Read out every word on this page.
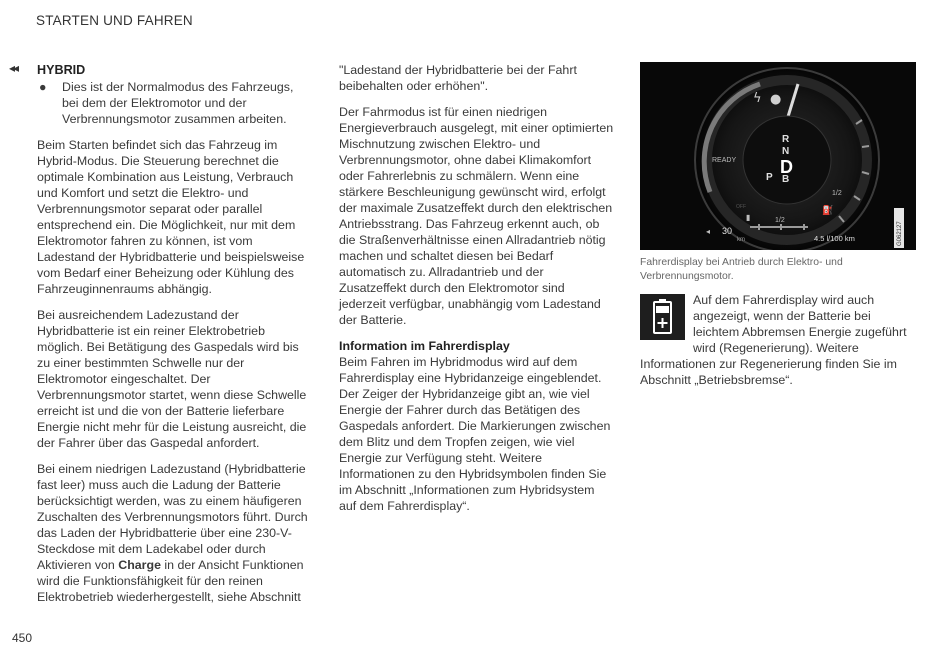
STARTEN UND FAHREN
◂◂ HYBRID
●	Dies ist der Normalmodus des Fahrzeugs, bei dem der Elektromotor und der Verbrennungsmotor zusammen arbeiten.

Beim Starten befindet sich das Fahrzeug im Hybrid-Modus. Die Steuerung berechnet die optimale Kombination aus Leistung, Verbrauch und Komfort und setzt die Elektro- und Verbrennungsmotor separat oder parallel entsprechend ein. Die Möglichkeit, nur mit dem Elektromotor fahren zu können, ist vom Ladestand der Hybridbatterie und beispielsweise vom Bedarf einer Beheizung oder Kühlung des Fahrzeuginnenraums abhängig.

Bei ausreichendem Ladezustand der Hybridbatterie ist ein reiner Elektrobetrieb möglich. Bei Betätigung des Gaspedals wird bis zu einer bestimmten Schwelle nur der Elektromotor eingeschaltet. Der Verbrennungsmotor startet, wenn diese Schwelle erreicht ist und die von der Batterie lieferbare Energie nicht mehr für die Leistung ausreicht, die der Fahrer über das Gaspedal anfordert.

Bei einem niedrigen Ladezustand (Hybridbatterie fast leer) muss auch die Ladung der Batterie berücksichtigt werden, was zu einem häufigeren Zuschalten des Verbrennungsmotors führt. Durch das Laden der Hybridbatterie über eine 230-V-Steckdose mit dem Ladekabel oder durch Aktivieren von Charge in der Ansicht Funktionen wird die Funktionsfähigkeit für den reinen Elektrobetrieb wiederhergestellt, siehe Abschnitt

"Ladestand der Hybridbatterie bei der Fahrt beibehalten oder erhöhen".

Der Fahrmodus ist für einen niedrigen Energieverbrauch ausgelegt, mit einer optimierten Mischnutzung zwischen Elektro- und Verbrennungsmotor, ohne dabei Klimakomfort oder Fahrerlebnis zu schmälern. Wenn eine stärkere Beschleunigung gewünscht wird, erfolgt der maximale Zusatzeffekt durch den elektrischen Antriebsstrang. Das Fahrzeug erkennt auch, ob die Straßenverhältnisse einen Allradantrieb nötig machen und schaltet diesen bei Bedarf automatisch zu. Allradantrieb und der Zusatzeffekt durch den Elektromotor sind jederzeit verfügbar, unabhängig vom Ladestand der Batterie.

Information im Fahrerdisplay

Beim Fahren im Hybridmodus wird auf dem Fahrerdisplay eine Hybridanzeige eingeblendet. Der Zeiger der Hybridanzeige gibt an, wie viel Energie der Fahrer durch das Betätigen des Gaspedals anfordert. Die Markierungen zwischen dem Blitz und dem Tropfen zeigen, wie viel Energie zur Verfügung steht. Weitere Informationen zu den Hybridsymbolen finden Sie im Abschnitt „Informationen zum Hybridsystem auf dem Fahrerdisplay“.

ϟ ●
READY
R
N
D
P B
1/2
⛽
OFF
▮	1/2
◂ 30
km	4.5 l/100 km	G062127
Fahrerdisplay bei Antrieb durch Elektro- und Verbrennungsmotor.

Auf dem Fahrerdisplay wird auch angezeigt, wenn der Batterie bei leichtem Abbremsen Energie zugeführt wird (Regenerierung). Weitere Informationen zur Regenerierung finden Sie im Abschnitt „Betriebsbremse“.

450
